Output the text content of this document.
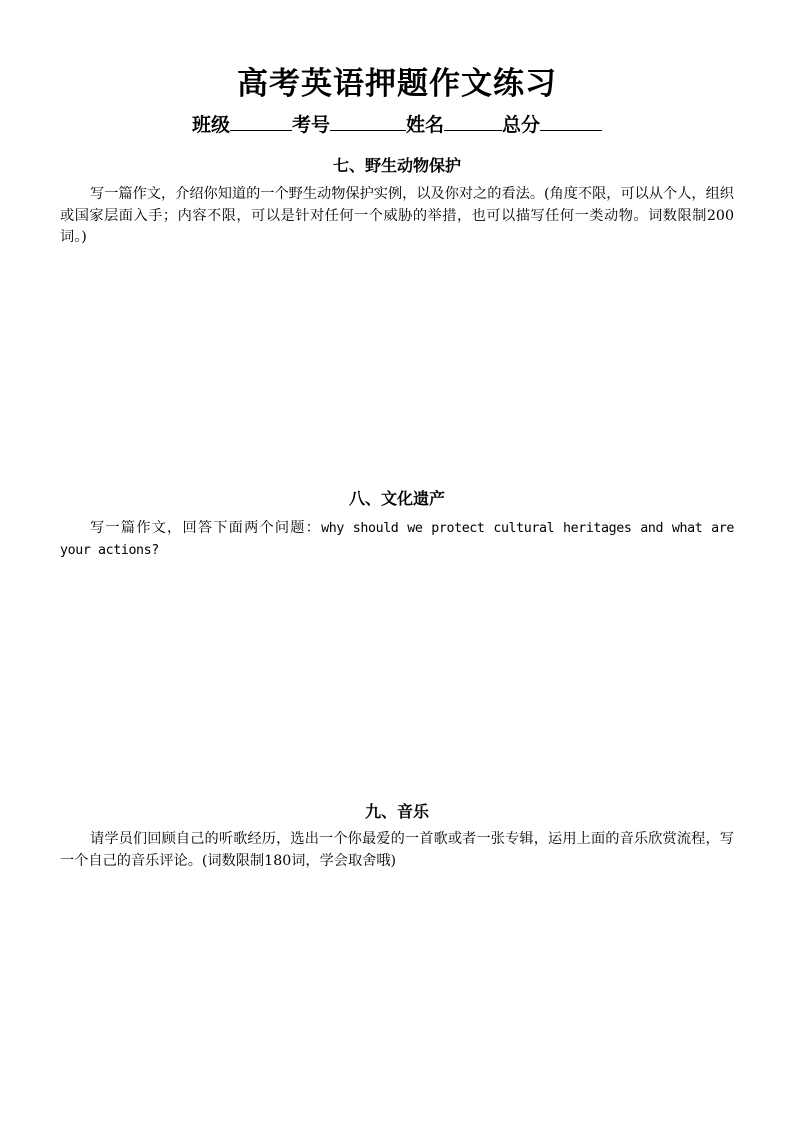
高考英语押题作文练习
班级	考号	姓名	总分
七、野生动物保护

写一篇作文，介绍你知道的一个野生动物保护实例，以及你对之的看法。(角度不限，可以从个人，组织或国家层面入手；内容不限，可以是针对任何一个威胁的举措，也可以描写任何一类动物。词数限制200词。)

八、文化遗产

写一篇作文，回答下面两个问题：why should we protect cultural heritages and what are your actions?

九、音乐

请学员们回顾自己的听歌经历，选出一个你最爱的一首歌或者一张专辑，运用上面的音乐欣赏流程，写一个自己的音乐评论。(词数限制180词，学会取舍哦)
